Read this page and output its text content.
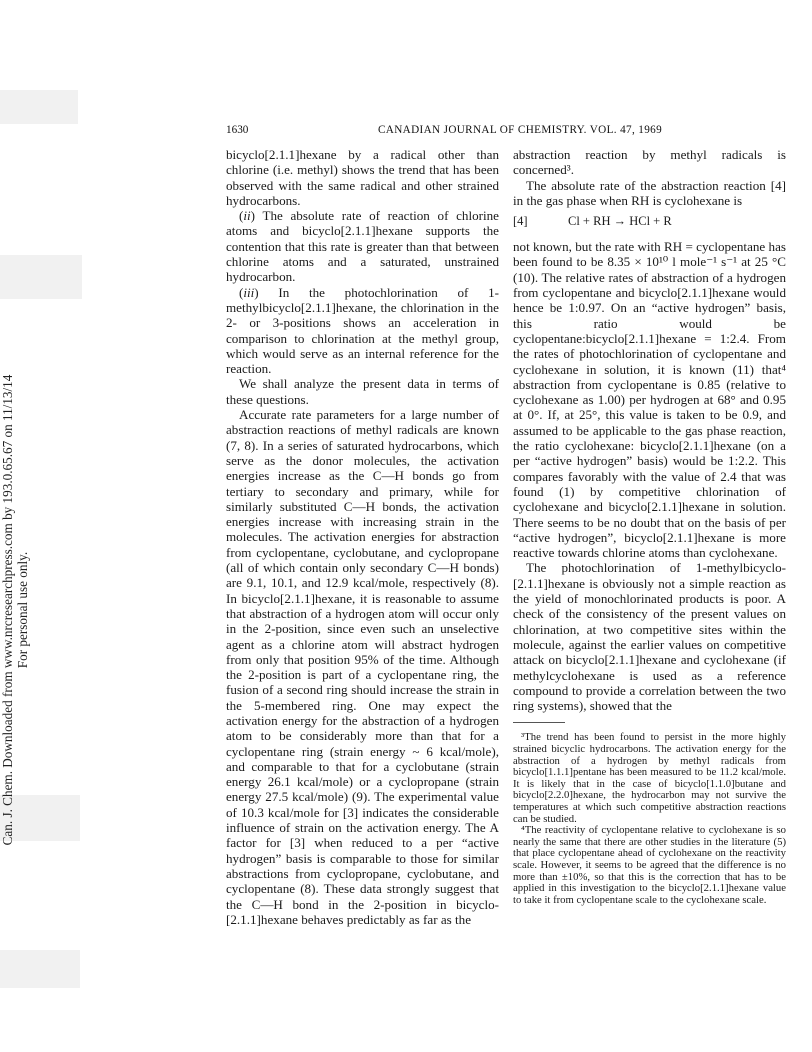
Can. J. Chem. Downloaded from www.nrcresearchpress.com by 193.0.65.67 on 11/13/14 For personal use only.
1630	CANADIAN JOURNAL OF CHEMISTRY. VOL. 47, 1969

bicyclo[2.1.1]hexane by a radical other than chlorine (i.e. methyl) shows the trend that has been observed with the same radical and other strained hydrocarbons.

(ii) The absolute rate of reaction of chlorine atoms and bicyclo[2.1.1]hexane supports the contention that this rate is greater than that between chlorine atoms and a saturated, unstrained hydrocarbon.

(iii) In the photochlorination of 1-methylbicyclo[2.1.1]hexane, the chlorination in the 2- or 3-positions shows an acceleration in comparison to chlorination at the methyl group, which would serve as an internal reference for the reaction.

We shall analyze the present data in terms of these questions.

Accurate rate parameters for a large number of abstraction reactions of methyl radicals are known (7, 8). In a series of saturated hydrocarbons, which serve as the donor molecules, the activation energies increase as the C—H bonds go from tertiary to secondary and primary, while for similarly substituted C—H bonds, the activation energies increase with increasing strain in the molecules. The activation energies for abstraction from cyclopentane, cyclobutane, and cyclopropane (all of which contain only secondary C—H bonds) are 9.1, 10.1, and 12.9 kcal/mole, respectively (8). In bicyclo[2.1.1]hexane, it is reasonable to assume that abstraction of a hydrogen atom will occur only in the 2-position, since even such an unselective agent as a chlorine atom will abstract hydrogen from only that position 95% of the time. Although the 2-position is part of a cyclopentane ring, the fusion of a second ring should increase the strain in the 5-membered ring. One may expect the activation energy for the abstraction of a hydrogen atom to be considerably more than that for a cyclopentane ring (strain energy ~ 6 kcal/mole), and comparable to that for a cyclobutane (strain energy 26.1 kcal/mole) or a cyclopropane (strain energy 27.5 kcal/mole) (9). The experimental value of 10.3 kcal/mole for [3] indicates the considerable influence of strain on the activation energy. The A factor for [3] when reduced to a per “active hydrogen” basis is comparable to those for similar abstractions from cyclopropane, cyclobutane, and cyclopentane (8). These data strongly suggest that the C—H bond in the 2-position in bicyclo-[2.1.1]hexane behaves predictably as far as the

abstraction reaction by methyl radicals is concerned³.

The absolute rate of the abstraction reaction [4] in the gas phase when RH is cyclohexane is

[4]	Cl + RH → HCl + R

not known, but the rate with RH = cyclopentane has been found to be 8.35 × 10¹⁰ l mole⁻¹ s⁻¹ at 25 °C (10). The relative rates of abstraction of a hydrogen from cyclopentane and bicyclo[2.1.1]hexane would hence be 1:0.97. On an “active hydrogen” basis, this ratio would be cyclopentane:bicyclo[2.1.1]hexane = 1:2.4. From the rates of photochlorination of cyclopentane and cyclohexane in solution, it is known (11) that⁴ abstraction from cyclopentane is 0.85 (relative to cyclohexane as 1.00) per hydrogen at 68° and 0.95 at 0°. If, at 25°, this value is taken to be 0.9, and assumed to be applicable to the gas phase reaction, the ratio cyclohexane: bicyclo[2.1.1]hexane (on a per “active hydrogen” basis) would be 1:2.2. This compares favorably with the value of 2.4 that was found (1) by competitive chlorination of cyclohexane and bicyclo[2.1.1]hexane in solution. There seems to be no doubt that on the basis of per “active hydrogen”, bicyclo[2.1.1]hexane is more reactive towards chlorine atoms than cyclohexane.

The photochlorination of 1-methylbicyclo-[2.1.1]hexane is obviously not a simple reaction as the yield of monochlorinated products is poor. A check of the consistency of the present values on chlorination, at two competitive sites within the molecule, against the earlier values on competitive attack on bicyclo[2.1.1]hexane and cyclohexane (if methylcyclohexane is used as a reference compound to provide a correlation between the two ring systems), showed that the

³The trend has been found to persist in the more highly strained bicyclic hydrocarbons. The activation energy for the abstraction of a hydrogen by methyl radicals from bicyclo[1.1.1]pentane has been measured to be 11.2 kcal/mole. It is likely that in the case of bicyclo[1.1.0]butane and bicyclo[2.2.0]hexane, the hydrocarbon may not survive the temperatures at which such competitive abstraction reactions can be studied.

⁴The reactivity of cyclopentane relative to cyclohexane is so nearly the same that there are other studies in the literature (5) that place cyclopentane ahead of cyclohexane on the reactivity scale. However, it seems to be agreed that the difference is no more than ±10%, so that this is the correction that has to be applied in this investigation to the bicyclo[2.1.1]hexane value to take it from cyclopentane scale to the cyclohexane scale.
